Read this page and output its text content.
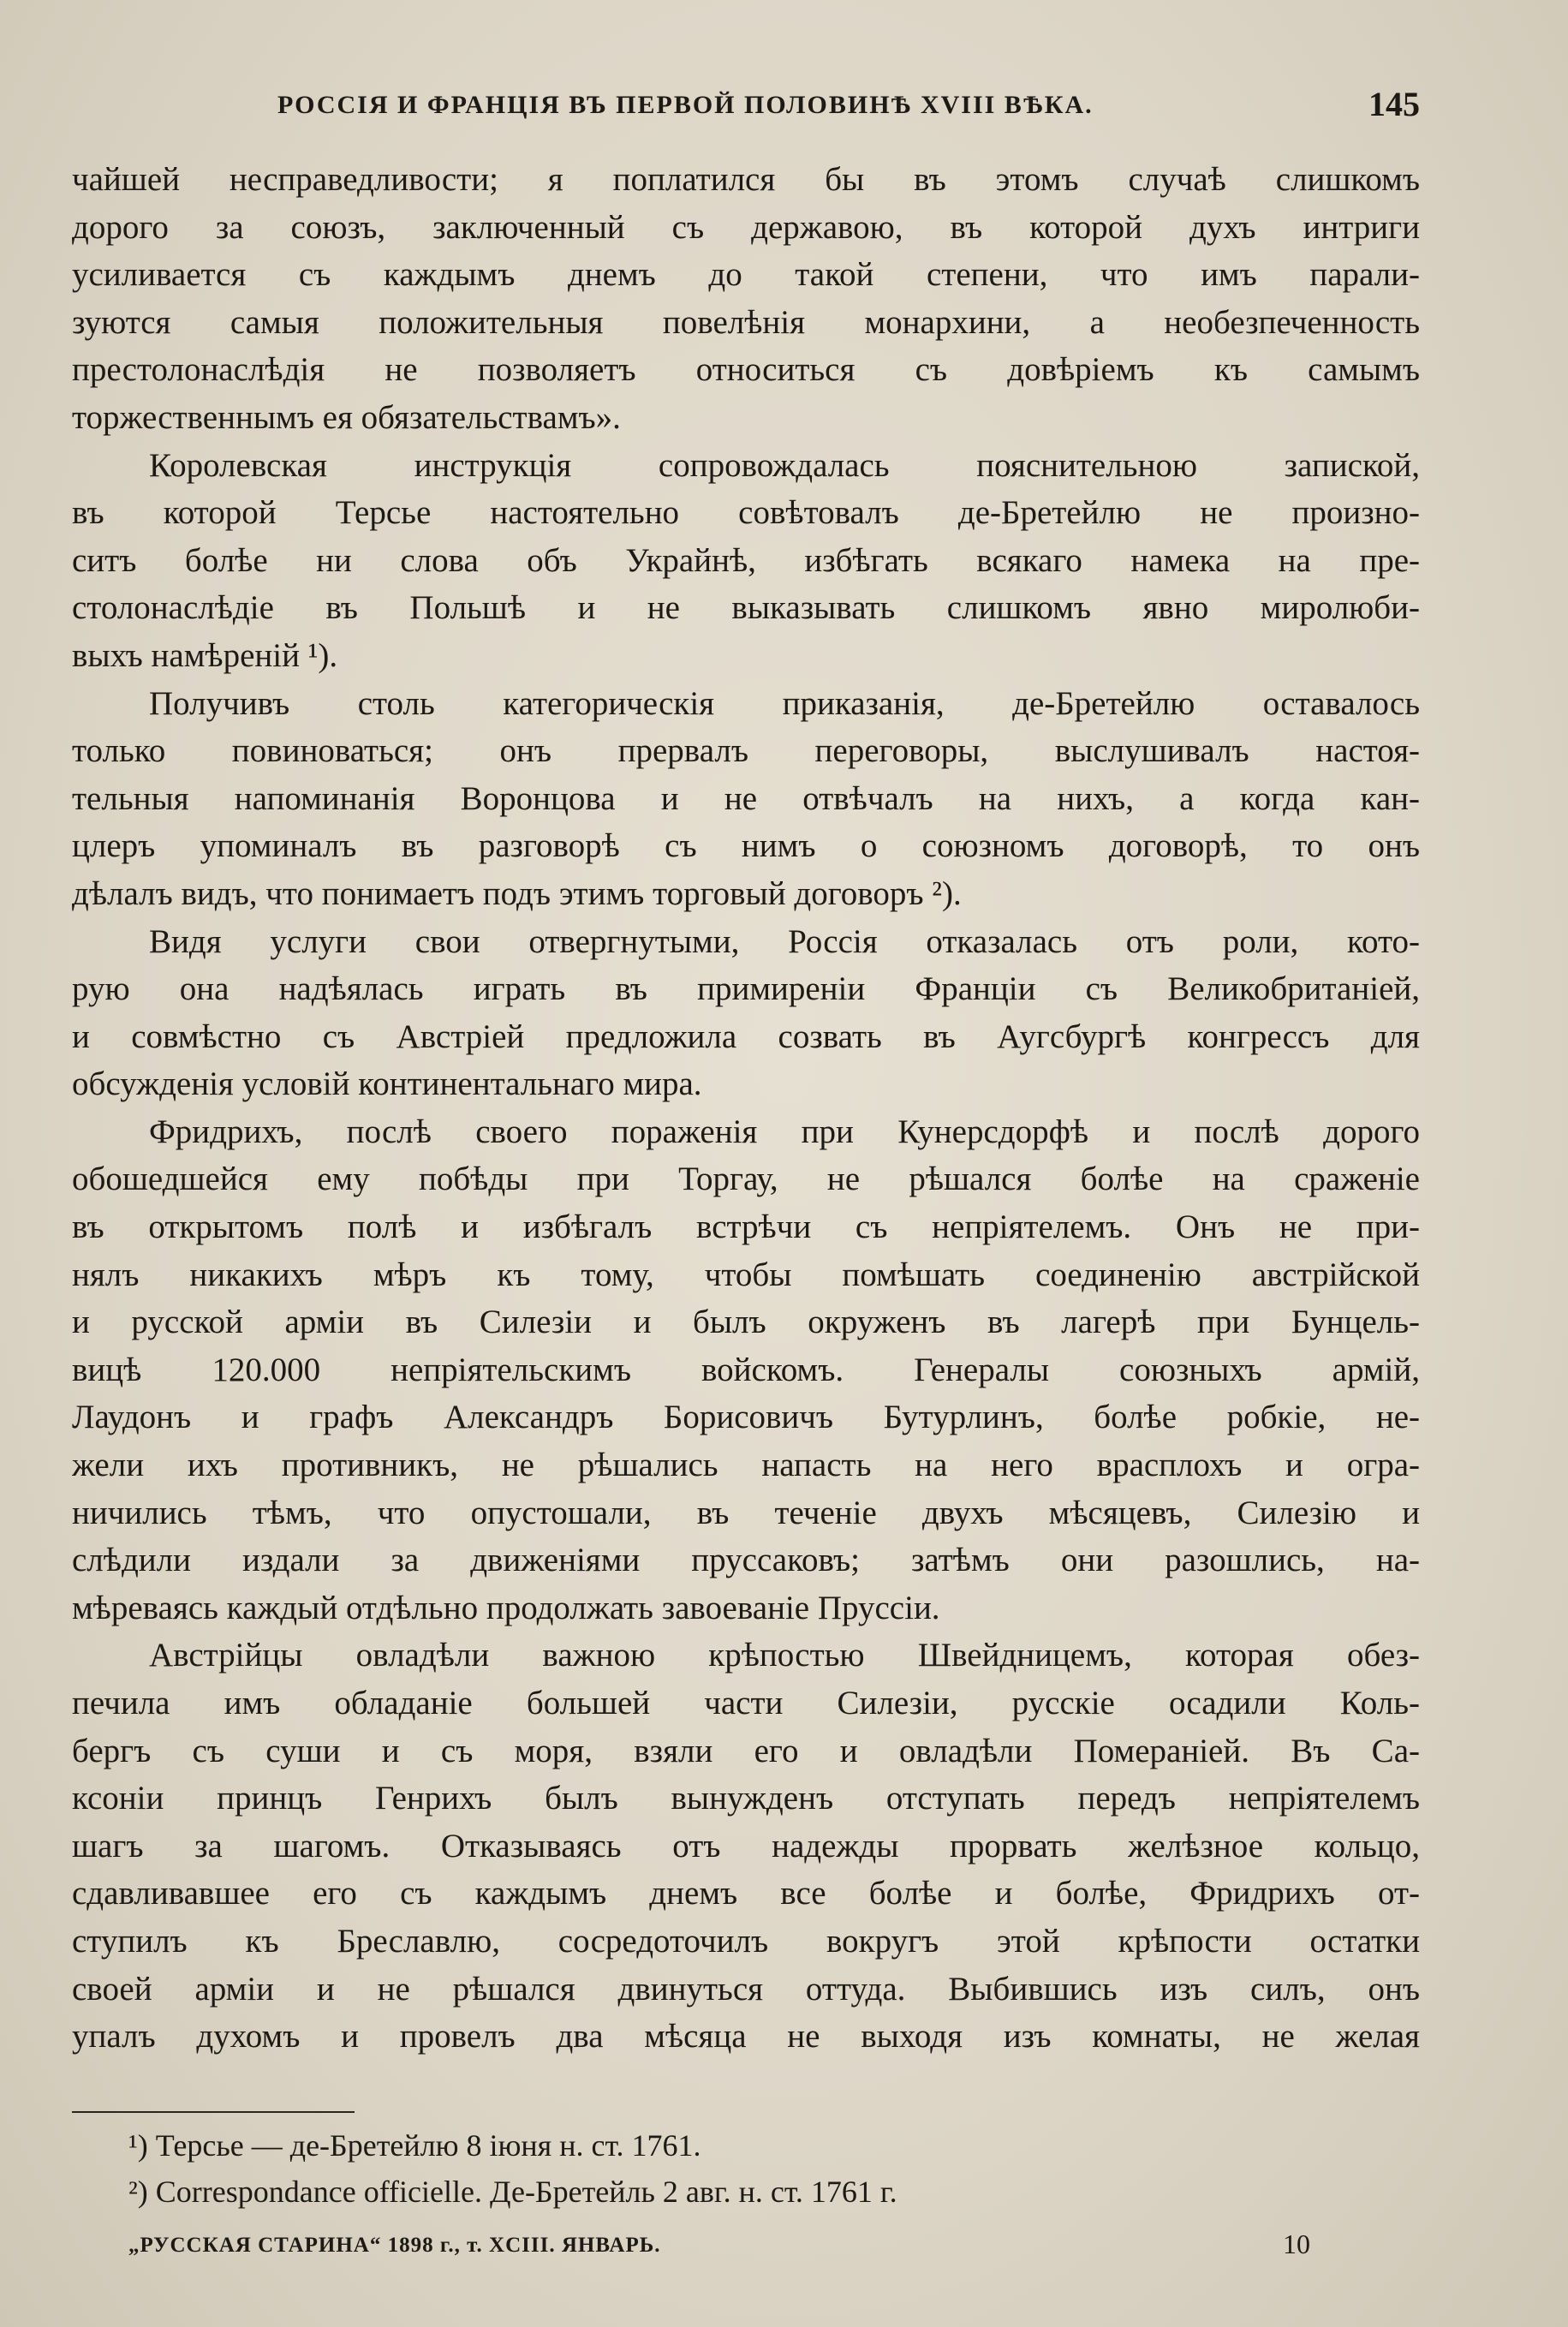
РОССІЯ И ФРАНЦІЯ ВЪ ПЕРВОЙ ПОЛОВИНѢ XVIII ВѢКА.	145
чайшей несправедливости; я поплатился бы въ этомъ случаѣ слишкомъ
дорого за союзъ, заключенный съ державою, въ которой духъ интриги
усиливается съ каждымъ днемъ до такой степени, что имъ парали-
зуются самыя положительныя повелѣнія монархини, а необезпеченность
престолонаслѣдія не позволяетъ относиться съ довѣріемъ къ самымъ
торжественнымъ ея обязательствамъ».
Королевская инструкція сопровождалась пояснительною запиской,
въ которой Терсье настоятельно совѣтовалъ де-Бретейлю не произно-
ситъ болѣе ни слова объ Украйнѣ, избѣгать всякаго намека на пре-
столонаслѣдіе въ Польшѣ и не выказывать слишкомъ явно миролюби-
выхъ намѣреній ¹).
Получивъ столь категорическія приказанія, де-Бретейлю оставалось
только повиноваться; онъ прервалъ переговоры, выслушивалъ настоя-
тельныя напоминанія Воронцова и не отвѣчалъ на нихъ, а когда кан-
цлеръ упоминалъ въ разговорѣ съ нимъ о союзномъ договорѣ, то онъ
дѣлалъ видъ, что понимаетъ подъ этимъ торговый договоръ ²).
Видя услуги свои отвергнутыми, Россія отказалась отъ роли, кото-
рую она надѣялась играть въ примиреніи Франціи съ Великобританіей,
и совмѣстно съ Австріей предложила созвать въ Аугсбургѣ конгрессъ для
обсужденія условій континентальнаго мира.
Фридрихъ, послѣ своего пораженія при Кунерсдорфѣ и послѣ дорого
обошедшейся ему побѣды при Торгау, не рѣшался болѣе на сраженіе
въ открытомъ полѣ и избѣгалъ встрѣчи съ непріятелемъ. Онъ не при-
нялъ никакихъ мѣръ къ тому, чтобы помѣшать соединенію австрійской
и русской арміи въ Силезіи и былъ окруженъ въ лагерѣ при Бунцель-
вицѣ 120.000 непріятельскимъ войскомъ. Генералы союзныхъ армій,
Лаудонъ и графъ Александръ Борисовичъ Бутурлинъ, болѣе робкіе, не-
жели ихъ противникъ, не рѣшались напасть на него врасплохъ и огра-
ничились тѣмъ, что опустошали, въ теченіе двухъ мѣсяцевъ, Силезію и
слѣдили издали за движеніями пруссаковъ; затѣмъ они разошлись, на-
мѣреваясь каждый отдѣльно продолжать завоеваніе Пруссіи.
Австрійцы овладѣли важною крѣпостью Швейдницемъ, которая обез-
печила имъ обладаніе большей части Силезіи, русскіе осадили Коль-
бергъ съ суши и съ моря, взяли его и овладѣли Помераніей. Въ Са-
ксоніи принцъ Генрихъ былъ вынужденъ отступать передъ непріятелемъ
шагъ за шагомъ. Отказываясь отъ надежды прорвать желѣзное кольцо,
сдавливавшее его съ каждымъ днемъ все болѣе и болѣе, Фридрихъ от-
ступилъ къ Бреславлю, сосредоточилъ вокругъ этой крѣпости остатки
своей арміи и не рѣшался двинуться оттуда. Выбившись изъ силъ, онъ
упалъ духомъ и провелъ два мѣсяца не выходя изъ комнаты, не желая
¹) Терсье — де-Бретейлю 8 іюня н. ст. 1761.
²) Correspondance officielle. Де-Бретейль 2 авг. н. ст. 1761 г.
„РУССКАЯ СТАРИНА“ 1898 г., т. XCIII. ЯНВАРЬ.	10
